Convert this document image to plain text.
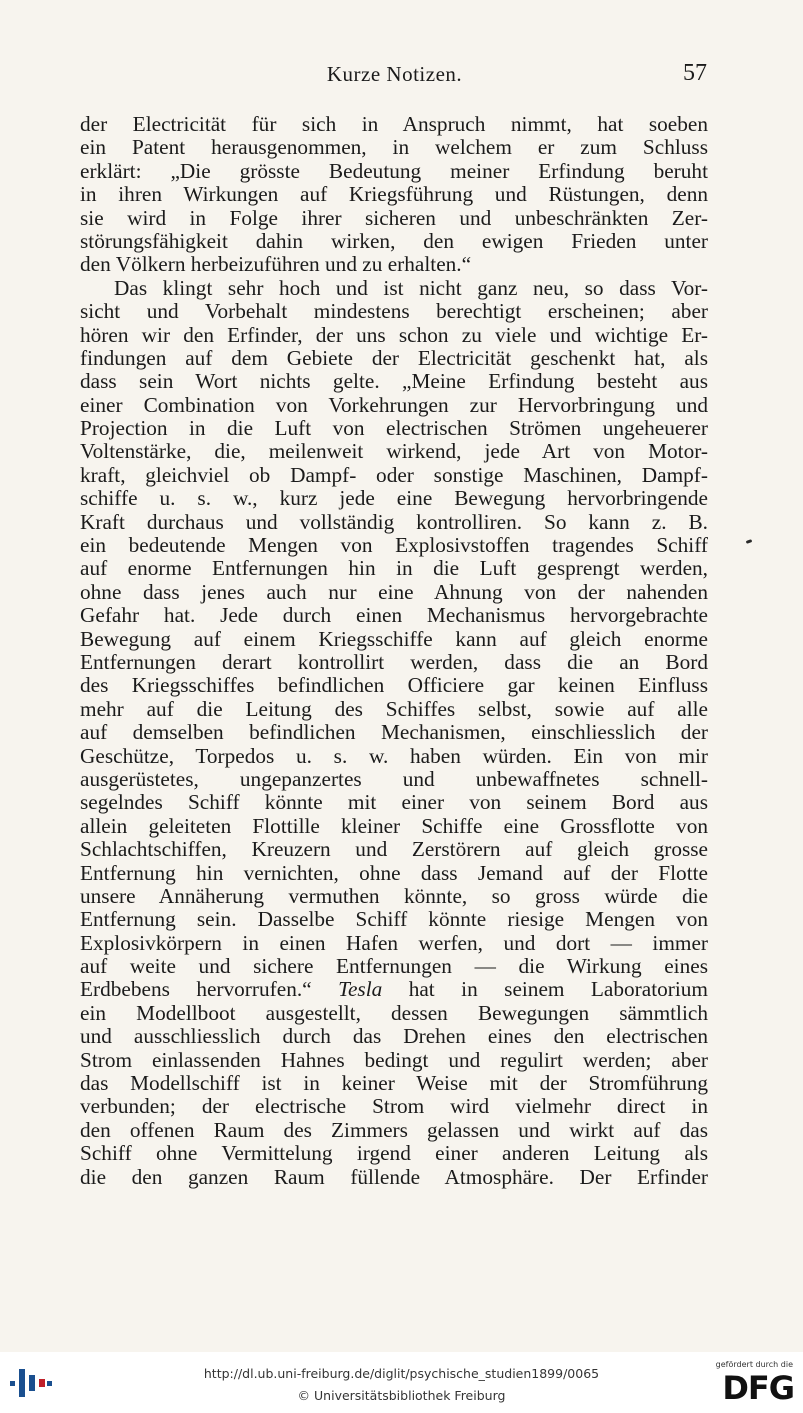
Kurze Notizen.	57
der Electricität für sich in Anspruch nimmt, hat soeben
ein Patent herausgenommen, in welchem er zum Schluss
erklärt: „Die grösste Bedeutung meiner Erfindung beruht
in ihren Wirkungen auf Kriegsführung und Rüstungen, denn
sie wird in Folge ihrer sicheren und unbeschränkten Zer-
störungsfähigkeit dahin wirken, den ewigen Frieden unter
den Völkern herbeizuführen und zu erhalten.“
Das klingt sehr hoch und ist nicht ganz neu, so dass Vor-
sicht und Vorbehalt mindestens berechtigt erscheinen; aber
hören wir den Erfinder, der uns schon zu viele und wichtige Er-
findungen auf dem Gebiete der Electricität geschenkt hat, als
dass sein Wort nichts gelte. „Meine Erfindung besteht aus
einer Combination von Vorkehrungen zur Hervorbringung und
Projection in die Luft von electrischen Strömen ungeheuerer
Voltenstärke, die, meilenweit wirkend, jede Art von Motor-
kraft, gleichviel ob Dampf- oder sonstige Maschinen, Dampf-
schiffe u. s. w., kurz jede eine Bewegung hervorbringende
Kraft durchaus und vollständig kontrolliren. So kann z. B.
ein bedeutende Mengen von Explosivstoffen tragendes Schiff
auf enorme Entfernungen hin in die Luft gesprengt werden,
ohne dass jenes auch nur eine Ahnung von der nahenden
Gefahr hat. Jede durch einen Mechanismus hervorgebrachte
Bewegung auf einem Kriegsschiffe kann auf gleich enorme
Entfernungen derart kontrollirt werden, dass die an Bord
des Kriegsschiffes befindlichen Officiere gar keinen Einfluss
mehr auf die Leitung des Schiffes selbst, sowie auf alle
auf demselben befindlichen Mechanismen, einschliesslich der
Geschütze, Torpedos u. s. w. haben würden. Ein von mir
ausgerüstetes, ungepanzertes und unbewaffnetes schnell-
segelndes Schiff könnte mit einer von seinem Bord aus
allein geleiteten Flottille kleiner Schiffe eine Grossflotte von
Schlachtschiffen, Kreuzern und Zerstörern auf gleich grosse
Entfernung hin vernichten, ohne dass Jemand auf der Flotte
unsere Annäherung vermuthen könnte, so gross würde die
Entfernung sein. Dasselbe Schiff könnte riesige Mengen von
Explosivkörpern in einen Hafen werfen, und dort — immer
auf weite und sichere Entfernungen — die Wirkung eines
Erdbebens hervorrufen.“ Tesla hat in seinem Laboratorium
ein Modellboot ausgestellt, dessen Bewegungen sämmtlich
und ausschliesslich durch das Drehen eines den electrischen
Strom einlassenden Hahnes bedingt und regulirt werden; aber
das Modellschiff ist in keiner Weise mit der Stromführung
verbunden; der electrische Strom wird vielmehr direct in
den offenen Raum des Zimmers gelassen und wirkt auf das
Schiff ohne Vermittelung irgend einer anderen Leitung als
die den ganzen Raum füllende Atmosphäre. Der Erfinder
http://dl.ub.uni-freiburg.de/diglit/psychische_studien1899/0065
© Universitätsbibliothek Freiburg
gefördert durch die
DFG
